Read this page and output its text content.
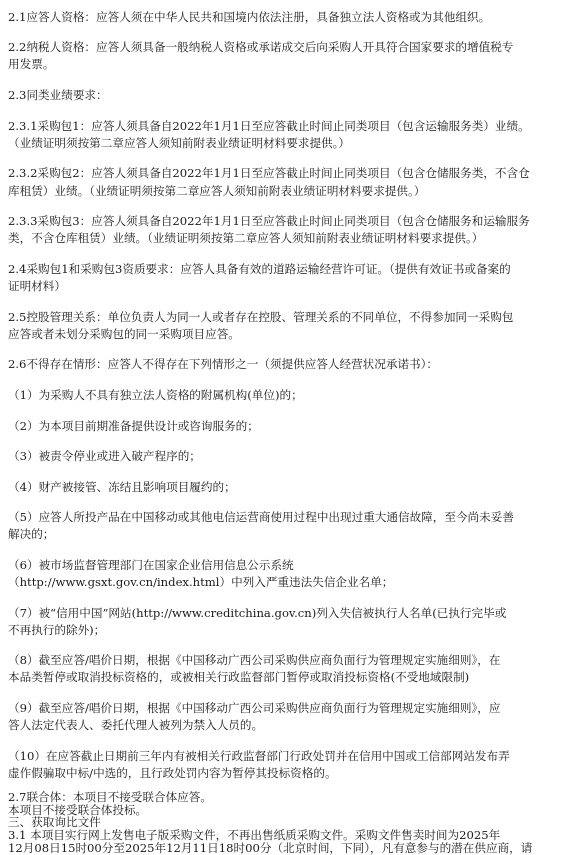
2.1应答人资格：应答人须在中华人民共和国境内依法注册，具备独立法人资格或为其他组织。
2.2纳税人资格：应答人须具备一般纳税人资格或承诺成交后向采购人开具符合国家要求的增值税专
用发票。
2.3同类业绩要求：
2.3.1采购包1：应答人须具备自2022年1月1日至应答截止时间止同类项目（包含运输服务类）业绩。
（业绩证明须按第二章应答人须知前附表业绩证明材料要求提供。）
2.3.2采购包2：应答人须具备自2022年1月1日至应答截止时间止同类项目（包含仓储服务类，不含仓
库租赁）业绩。（业绩证明须按第二章应答人须知前附表业绩证明材料要求提供。）
2.3.3采购包3：应答人须具备自2022年1月1日至应答截止时间止同类项目（包含仓储服务和运输服务
类，不含仓库租赁）业绩。（业绩证明须按第二章应答人须知前附表业绩证明材料要求提供。）
2.4采购包1和采购包3资质要求：应答人具备有效的道路运输经营许可证。（提供有效证书或备案的
证明材料）
2.5控股管理关系：单位负责人为同一人或者存在控股、管理关系的不同单位，不得参加同一采购包
应答或者未划分采购包的同一采购项目应答。
2.6不得存在情形：应答人不得存在下列情形之一（须提供应答人经营状况承诺书）：
（1）为采购人不具有独立法人资格的附属机构(单位)的；
（2）为本项目前期准备提供设计或咨询服务的；
（3）被责令停业或进入破产程序的；
（4）财产被接管、冻结且影响项目履约的；
（5）应答人所投产品在中国移动或其他电信运营商使用过程中出现过重大通信故障，至今尚未妥善
解决的；
（6）被市场监督管理部门在国家企业信用信息公示系统
（http://www.gsxt.gov.cn/index.html）中列入严重违法失信企业名单；
（7）被“信用中国”网站(http://www.creditchina.gov.cn)列入失信被执行人名单(已执行完毕或
不再执行的除外)；
（8）截至应答/唱价日期，根据《中国移动广西公司采购供应商负面行为管理规定实施细则》，在
本品类暂停或取消投标资格的，或被相关行政监督部门暂停或取消投标资格(不受地域限制)
（9）截至应答/唱价日期，根据《中国移动广西公司采购供应商负面行为管理规定实施细则》，应
答人法定代表人、委托代理人被列为禁入人员的。
（10）在应答截止日期前三年内有被相关行政监督部门行政处罚并在信用中国或工信部网站发布弄
虚作假骗取中标/中选的，且行政处罚内容为暂停其投标资格的。
2.7联合体：本项目不接受联合体应答。
本项目不接受联合体投标。
三、获取询比文件
3.1 本项目实行网上发售电子版采购文件，不再出售纸质采购文件。采购文件售卖时间为2025年
12月08日15时00分至2025年12月11日18时00分（北京时间，下同），凡有意参与的潜在供应商，请
